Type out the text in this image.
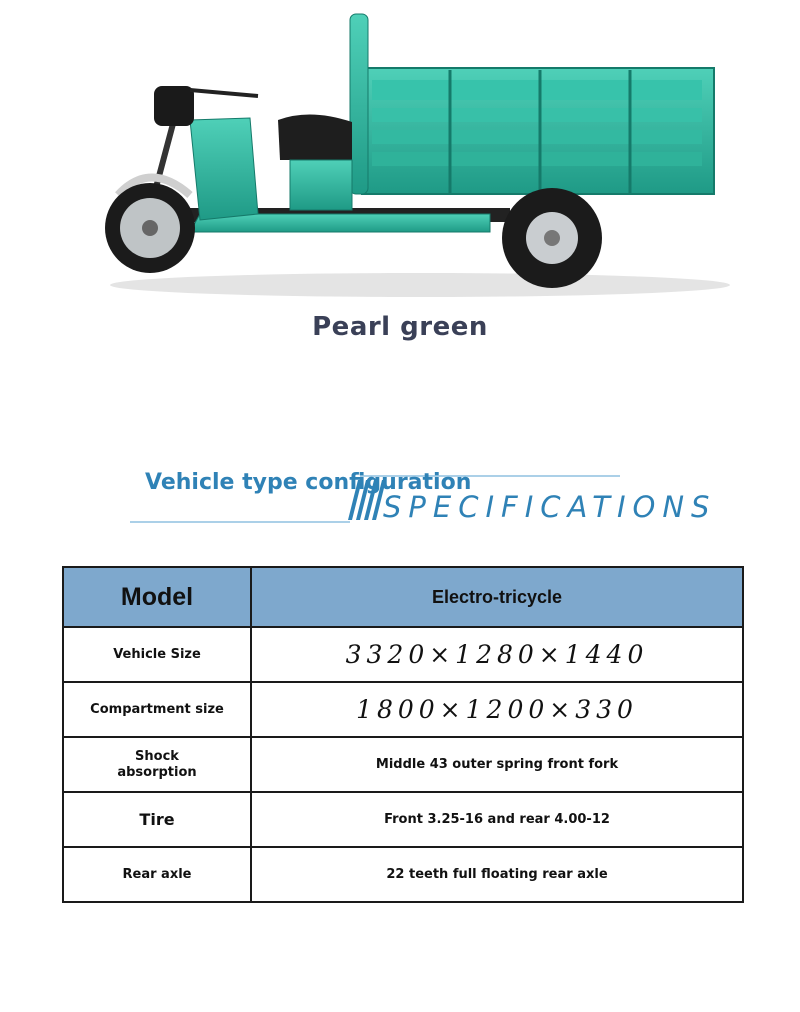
Pearl green
Vehicle type configuration
SPECIFICATIONS
Model	Electro-tricycle
Vehicle Size	3320×1280×1440
Compartment size	1800×1200×330
Shock absorption	Middle 43 outer spring front fork
Tire	Front 3.25-16 and rear 4.00-12
Rear axle	22 teeth full floating rear axle
